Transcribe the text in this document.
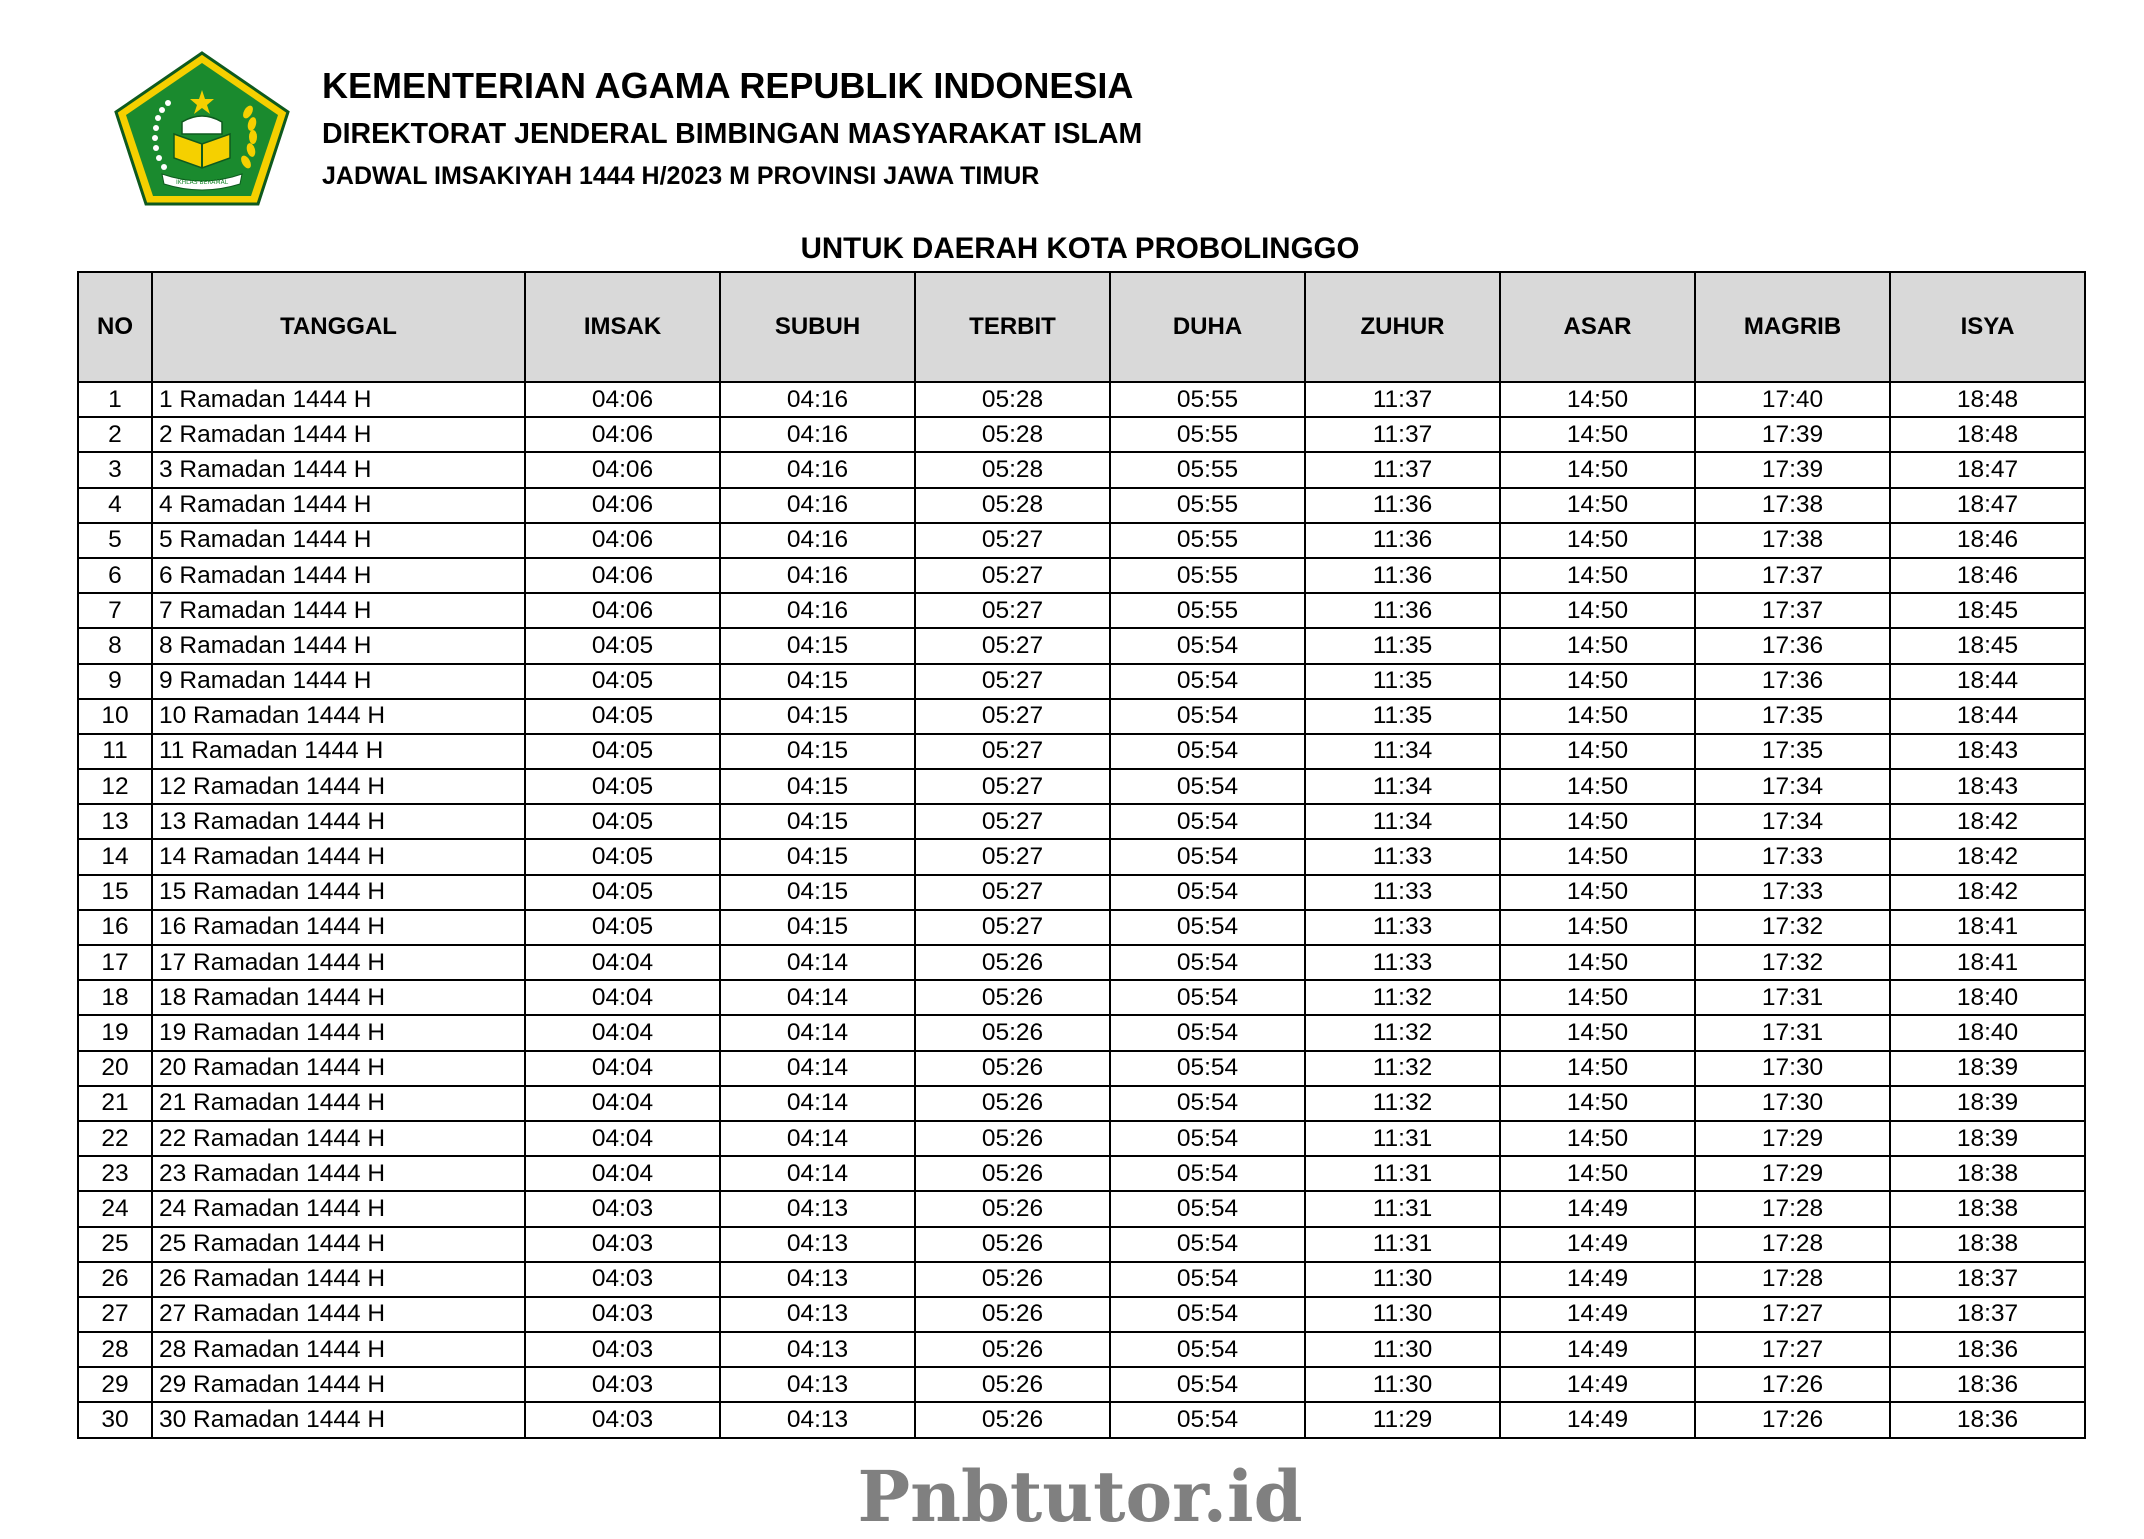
IKHLAS BERAMAL
KEMENTERIAN AGAMA REPUBLIK INDONESIA
DIREKTORAT JENDERAL BIMBINGAN MASYARAKAT ISLAM
JADWAL IMSAKIYAH 1444 H/2023 M PROVINSI JAWA TIMUR
UNTUK DAERAH KOTA PROBOLINGGO
NO	TANGGAL	IMSAK	SUBUH	TERBIT	DUHA	ZUHUR	ASAR	MAGRIB	ISYA
1	1 Ramadan 1444 H	04:06	04:16	05:28	05:55	11:37	14:50	17:40	18:48
2	2 Ramadan 1444 H	04:06	04:16	05:28	05:55	11:37	14:50	17:39	18:48
3	3 Ramadan 1444 H	04:06	04:16	05:28	05:55	11:37	14:50	17:39	18:47
4	4 Ramadan 1444 H	04:06	04:16	05:28	05:55	11:36	14:50	17:38	18:47
5	5 Ramadan 1444 H	04:06	04:16	05:27	05:55	11:36	14:50	17:38	18:46
6	6 Ramadan 1444 H	04:06	04:16	05:27	05:55	11:36	14:50	17:37	18:46
7	7 Ramadan 1444 H	04:06	04:16	05:27	05:55	11:36	14:50	17:37	18:45
8	8 Ramadan 1444 H	04:05	04:15	05:27	05:54	11:35	14:50	17:36	18:45
9	9 Ramadan 1444 H	04:05	04:15	05:27	05:54	11:35	14:50	17:36	18:44
10	10 Ramadan 1444 H	04:05	04:15	05:27	05:54	11:35	14:50	17:35	18:44
11	11 Ramadan 1444 H	04:05	04:15	05:27	05:54	11:34	14:50	17:35	18:43
12	12 Ramadan 1444 H	04:05	04:15	05:27	05:54	11:34	14:50	17:34	18:43
13	13 Ramadan 1444 H	04:05	04:15	05:27	05:54	11:34	14:50	17:34	18:42
14	14 Ramadan 1444 H	04:05	04:15	05:27	05:54	11:33	14:50	17:33	18:42
15	15 Ramadan 1444 H	04:05	04:15	05:27	05:54	11:33	14:50	17:33	18:42
16	16 Ramadan 1444 H	04:05	04:15	05:27	05:54	11:33	14:50	17:32	18:41
17	17 Ramadan 1444 H	04:04	04:14	05:26	05:54	11:33	14:50	17:32	18:41
18	18 Ramadan 1444 H	04:04	04:14	05:26	05:54	11:32	14:50	17:31	18:40
19	19 Ramadan 1444 H	04:04	04:14	05:26	05:54	11:32	14:50	17:31	18:40
20	20 Ramadan 1444 H	04:04	04:14	05:26	05:54	11:32	14:50	17:30	18:39
21	21 Ramadan 1444 H	04:04	04:14	05:26	05:54	11:32	14:50	17:30	18:39
22	22 Ramadan 1444 H	04:04	04:14	05:26	05:54	11:31	14:50	17:29	18:39
23	23 Ramadan 1444 H	04:04	04:14	05:26	05:54	11:31	14:50	17:29	18:38
24	24 Ramadan 1444 H	04:03	04:13	05:26	05:54	11:31	14:49	17:28	18:38
25	25 Ramadan 1444 H	04:03	04:13	05:26	05:54	11:31	14:49	17:28	18:38
26	26 Ramadan 1444 H	04:03	04:13	05:26	05:54	11:30	14:49	17:28	18:37
27	27 Ramadan 1444 H	04:03	04:13	05:26	05:54	11:30	14:49	17:27	18:37
28	28 Ramadan 1444 H	04:03	04:13	05:26	05:54	11:30	14:49	17:27	18:36
29	29 Ramadan 1444 H	04:03	04:13	05:26	05:54	11:30	14:49	17:26	18:36
30	30 Ramadan 1444 H	04:03	04:13	05:26	05:54	11:29	14:49	17:26	18:36
Pnbtutor.id
